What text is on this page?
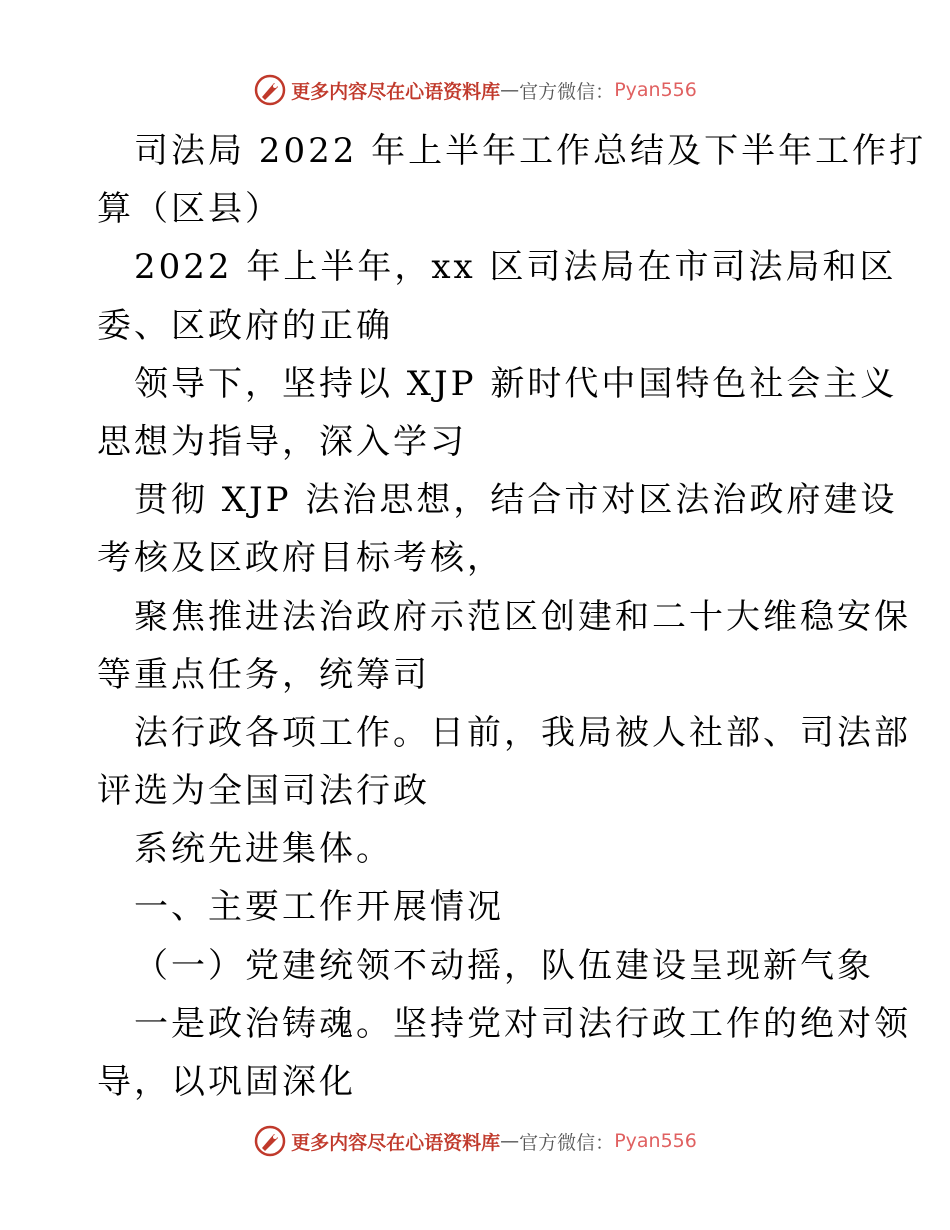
更多内容尽在心语资料库 — 官方微信： Pyan556
司法局 2022 年上半年工作总结及下半年工作打
算（区县）
2022 年上半年，xx 区司法局在市司法局和区
委、区政府的正确
领导下，坚持以 XJP 新时代中国特色社会主义
思想为指导，深入学习
贯彻 XJP 法治思想，结合市对区法治政府建设
考核及区政府目标考核，
聚焦推进法治政府示范区创建和二十大维稳安保
等重点任务，统筹司
法行政各项工作。日前，我局被人社部、司法部
评选为全国司法行政
系统先进集体。
一、主要工作开展情况
（一）党建统领不动摇，队伍建设呈现新气象
一是政治铸魂。坚持党对司法行政工作的绝对领
导，以巩固深化
更多内容尽在心语资料库 — 官方微信： Pyan556
